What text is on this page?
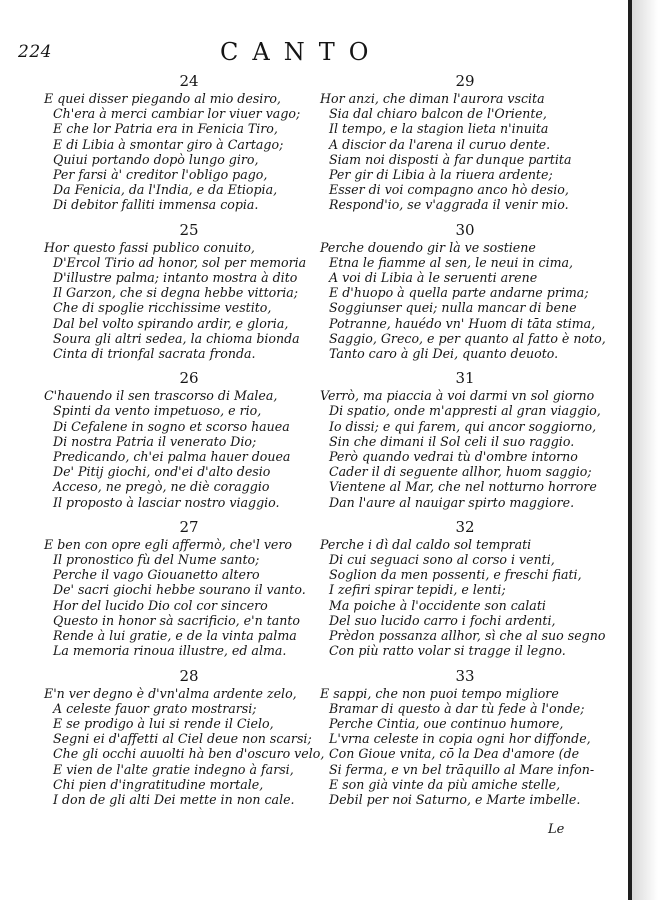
224	CANTO
24
E quei disser piegando al mio desiro,
Ch'era à merci cambiar lor viuer vago;
E che lor Patria era in Fenicia Tiro,
E di Libia à smontar giro à Cartago;
Quiui portando dopò lungo giro,
Per farsi à' creditor l'obligo pago,
Da Fenicia, da l'India, e da Etiopia,
Di debitor falliti immensa copia.
25
Hor questo fassi publico conuito,
D'Ercol Tirio ad honor, sol per memoria
D'illustre palma; intanto mostra à dito
Il Garzon, che si degna hebbe vittoria;
Che di spoglie ricchissime vestito,
Dal bel volto spirando ardir, e gloria,
Soura gli altri sedea, la chioma bionda
Cinta di trionfal sacrata fronda.
26
C'hauendo il sen trascorso di Malea,
Spinti da vento impetuoso, e rio,
Di Cefalene in sogno et scorso hauea
Di nostra Patria il venerato Dio;
Predicando, ch'ei palma hauer douea
De' Pitij giochi, ond'ei d'alto desio
Acceso, ne pregò, ne diè coraggio
Il proposto à lasciar nostro viaggio.
27
E ben con opre egli affermò, che'l vero
Il pronostico fù del Nume santo;
Perche il vago Giouanetto altero
De' sacri giochi hebbe sourano il vanto.
Hor del lucido Dio col cor sincero
Questo in honor sà sacrificio, e'n tanto
Rende à lui gratie, e de la vinta palma
La memoria rinoua illustre, ed alma.
28
E'n ver degno è d'vn'alma ardente zelo,
A celeste fauor grato mostrarsi;
E se prodigo à lui si rende il Cielo,
Segni ei d'affetti al Ciel deue non scarsi;
Che gli occhi auuolti hà ben d'oscuro velo,
E vien de l'alte gratie indegno à farsi,
Chi pien d'ingratitudine mortale,
I don de gli alti Dei mette in non cale.
29
Hor anzi, che diman l'aurora vscita
Sia dal chiaro balcon de l'Oriente,
Il tempo, e la stagion lieta n'inuita
A discior da l'arena il curuo dente.
Siam noi disposti à far dunque partita
Per gir di Libia à la riuera ardente;
Esser di voi compagno anco hò desio,
Respond'io, se v'aggrada il venir mio.
30
Perche douendo gir là ve sostiene
Etna le fiamme al sen, le neui in cima,
A voi di Libia à le seruenti arene
E d'huopo à quella parte andarne prima;
Soggiunser quei; nulla mancar di bene
Potranne, hauédo vn' Huom di tāta stima,
Saggio, Greco, e per quanto al fatto è noto,
Tanto caro à gli Dei, quanto deuoto.
31
Verrò, ma piaccia à voi darmi vn sol giorno
Di spatio, onde m'appresti al gran viaggio,
Io dissi; e qui farem, qui ancor soggiorno,
Sin che dimani il Sol celi il suo raggio.
Però quando vedrai tù d'ombre intorno
Cader il di seguente allhor, huom saggio;
Vientene al Mar, che nel notturno horrore
Dan l'aure al nauigar spirto maggiore.
32
Perche i dì dal caldo sol temprati
Di cui seguaci sono al corso i venti,
Soglion da men possenti, e freschi fiati,
I zefiri spirar tepidi, e lenti;
Ma poiche à l'occidente son calati
Del suo lucido carro i fochi ardenti,
Prèdon possanza allhor, sì che al suo segno
Con più ratto volar si tragge il legno.
33
E sappi, che non puoi tempo migliore
Bramar di questo à dar tù fede à l'onde;
Perche Cintia, oue continuo humore,
L'vrna celeste in copia ogni hor diffonde,
Con Gioue vnita, cō la Dea d'amore (de
Si ferma, e vn bel trāquillo al Mare infon-
E son già vinte da più amiche stelle,
Debil per noi Saturno, e Marte imbelle.
Le
